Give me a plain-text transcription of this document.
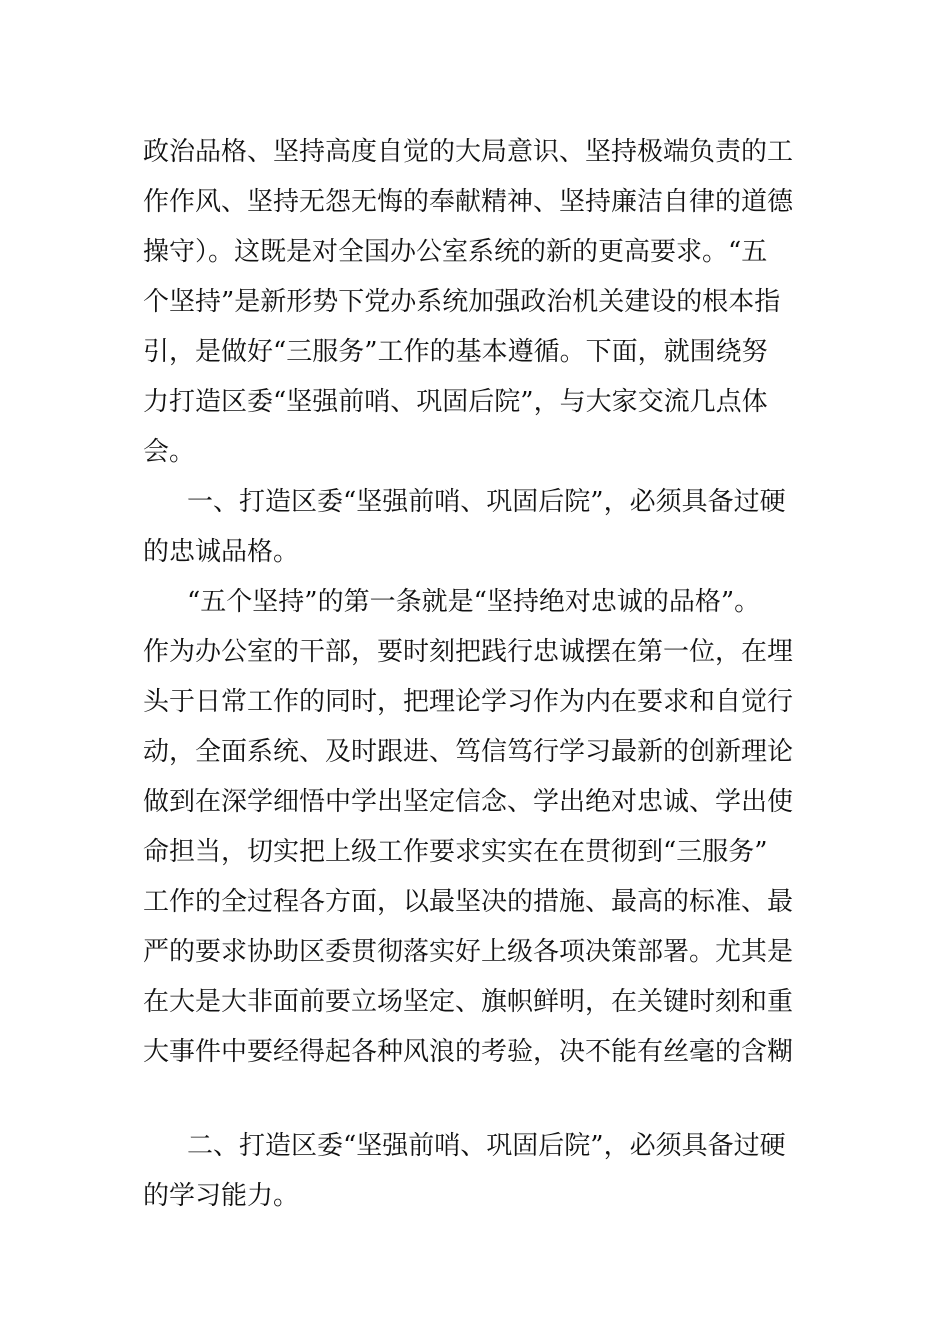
政治品格、坚持高度自觉的大局意识、坚持极端负责的工
作作风、坚持无怨无悔的奉献精神、坚持廉洁自律的道德
操守）。这既是对全国办公室系统的新的更高要求。“五
个坚持”是新形势下党办系统加强政治机关建设的根本指
引，是做好“三服务”工作的基本遵循。下面，就围绕努
力打造区委“坚强前哨、巩固后院”，与大家交流几点体
会。
一、打造区委“坚强前哨、巩固后院”，必须具备过硬
的忠诚品格。
“五个坚持”的第一条就是“坚持绝对忠诚的品格”。
作为办公室的干部，要时刻把践行忠诚摆在第一位，在埋
头于日常工作的同时，把理论学习作为内在要求和自觉行
动，全面系统、及时跟进、笃信笃行学习最新的创新理论
做到在深学细悟中学出坚定信念、学出绝对忠诚、学出使
命担当，切实把上级工作要求实实在在贯彻到“三服务”
工作的全过程各方面，以最坚决的措施、最高的标准、最
严的要求协助区委贯彻落实好上级各项决策部署。尤其是
在大是大非面前要立场坚定、旗帜鲜明，在关键时刻和重
大事件中要经得起各种风浪的考验，决不能有丝毫的含糊
二、打造区委“坚强前哨、巩固后院”，必须具备过硬
的学习能力。
